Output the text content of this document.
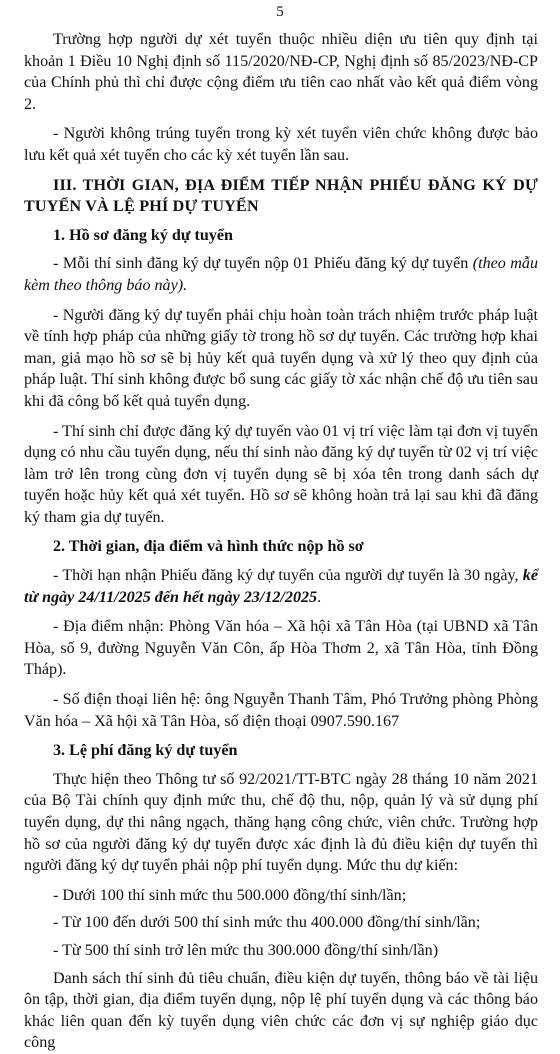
5

Trường hợp người dự xét tuyển thuộc nhiều diện ưu tiên quy định tại khoản 1 Điều 10 Nghị định số 115/2020/NĐ-CP, Nghị định số 85/2023/NĐ-CP của Chính phủ thì chỉ được cộng điểm ưu tiên cao nhất vào kết quả điểm vòng 2.

- Người không trúng tuyển trong kỳ xét tuyển viên chức không được bảo lưu kết quả xét tuyển cho các kỳ xét tuyển lần sau.

III. THỜI GIAN, ĐỊA ĐIỂM TIẾP NHẬN PHIẾU ĐĂNG KÝ DỰ TUYỂN VÀ LỆ PHÍ DỰ TUYỂN
1. Hồ sơ đăng ký dự tuyển

- Mỗi thí sinh đăng ký dự tuyển nộp 01 Phiếu đăng ký dự tuyển (theo mẫu kèm theo thông báo này).

- Người đăng ký dự tuyển phải chịu hoàn toàn trách nhiệm trước pháp luật về tính hợp pháp của những giấy tờ trong hồ sơ dự tuyển. Các trường hợp khai man, giả mạo hồ sơ sẽ bị hủy kết quả tuyển dụng và xử lý theo quy định của pháp luật. Thí sinh không được bổ sung các giấy tờ xác nhận chế độ ưu tiên sau khi đã công bố kết quả tuyển dụng.

- Thí sinh chỉ được đăng ký dự tuyển vào 01 vị trí việc làm tại đơn vị tuyển dụng có nhu cầu tuyển dụng, nếu thí sinh nào đăng ký dự tuyển từ 02 vị trí việc làm trở lên trong cùng đơn vị tuyển dụng sẽ bị xóa tên trong danh sách dự tuyển hoặc hủy kết quả xét tuyển. Hồ sơ sẽ không hoàn trả lại sau khi đã đăng ký tham gia dự tuyển.

2. Thời gian, địa điểm và hình thức nộp hồ sơ

- Thời hạn nhận Phiếu đăng ký dự tuyển của người dự tuyển là 30 ngày, kể từ ngày 24/11/2025 đến hết ngày 23/12/2025.

- Địa điểm nhận: Phòng Văn hóa – Xã hội xã Tân Hòa (tại UBND xã Tân Hòa, số 9, đường Nguyễn Văn Côn, ấp Hòa Thơm 2, xã Tân Hòa, tỉnh Đồng Tháp).

- Số điện thoại liên hệ: ông Nguyễn Thanh Tâm, Phó Trưởng phòng Phòng Văn hóa – Xã hội xã Tân Hòa, số điện thoại 0907.590.167

3. Lệ phí đăng ký dự tuyển

Thực hiện theo Thông tư số 92/2021/TT-BTC ngày 28 tháng 10 năm 2021 của Bộ Tài chính quy định mức thu, chế độ thu, nộp, quản lý và sử dụng phí tuyển dụng, dự thi nâng ngạch, thăng hạng công chức, viên chức. Trường hợp hồ sơ của người đăng ký dự tuyển được xác định là đủ điều kiện dự tuyển thì người đăng ký dự tuyển phải nộp phí tuyển dụng. Mức thu dự kiến:

- Dưới 100 thí sinh mức thu 500.000 đồng/thí sinh/lần;

- Từ 100 đến dưới 500 thí sinh mức thu 400.000 đồng/thí sinh/lần;

- Từ 500 thí sinh trở lên mức thu 300.000 đồng/thí sinh/lần)

Danh sách thí sinh đủ tiêu chuẩn, điều kiện dự tuyển, thông báo về tài liệu ôn tập, thời gian, địa điểm tuyển dụng, nộp lệ phí tuyển dụng và các thông báo khác liên quan đến kỳ tuyển dụng viên chức các đơn vị sự nghiệp giáo dục công
